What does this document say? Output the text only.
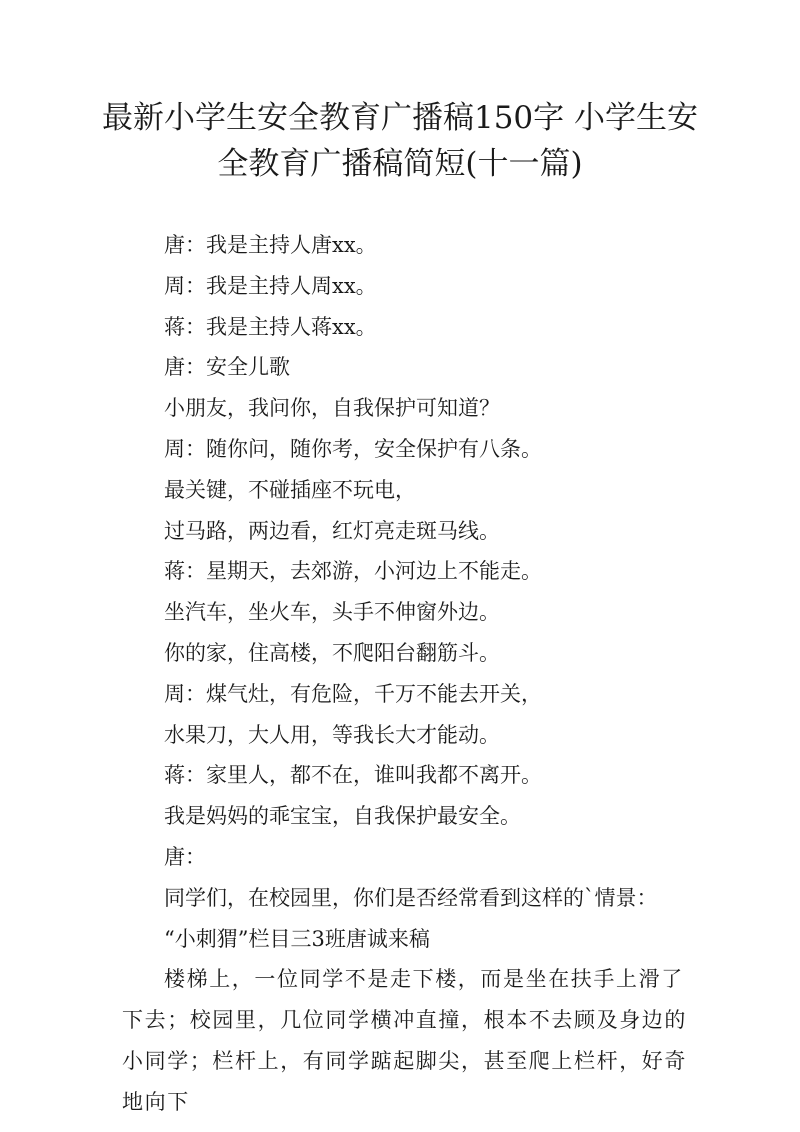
最新小学生安全教育广播稿150字 小学生安全教育广播稿简短(十一篇)

唐：我是主持人唐xx。

周：我是主持人周xx。

蒋：我是主持人蒋xx。

唐：安全儿歌

小朋友，我问你，自我保护可知道？

周：随你问，随你考，安全保护有八条。

最关键，不碰插座不玩电，

过马路，两边看，红灯亮走斑马线。

蒋：星期天，去郊游，小河边上不能走。

坐汽车，坐火车，头手不伸窗外边。

你的家，住高楼，不爬阳台翻筋斗。

周：煤气灶，有危险，千万不能去开关，

水果刀，大人用，等我长大才能动。

蒋：家里人，都不在，谁叫我都不离开。

我是妈妈的乖宝宝，自我保护最安全。

唐：

同学们，在校园里，你们是否经常看到这样的`情景：

“小刺猬”栏目三3班唐诚来稿

楼梯上，一位同学不是走下楼，而是坐在扶手上滑了下去；校园里，几位同学横冲直撞，根本不去顾及身边的小同学；栏杆上，有同学踮起脚尖，甚至爬上栏杆，好奇地向下
